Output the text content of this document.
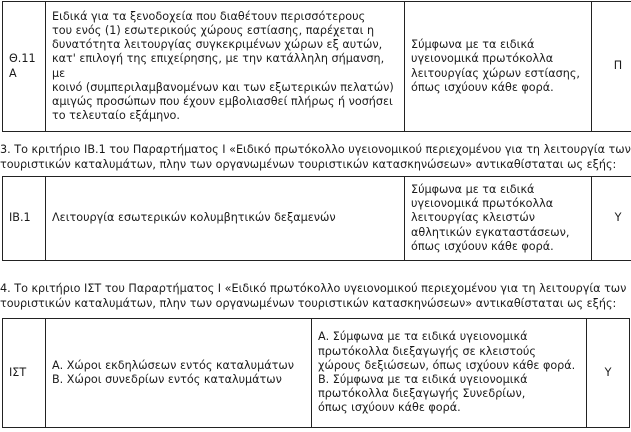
Θ.11
Α	Ειδικά για τα ξενοδοχεία που διαθέτουν περισσότερους
του ενός (1) εσωτερικούς χώρους εστίασης, παρέχεται η
δυνατότητα λειτουργίας συγκεκριμένων χώρων εξ αυτών,
κατ' επιλογή της επιχείρησης, με την κατάλληλη σήμανση, με
κοινό (συμπεριλαμβανομένων και των εξωτερικών πελατών)
αμιγώς προσώπων που έχουν εμβολιασθεί πλήρως ή νοσήσει
το τελευταίο εξάμηνο.	Σύμφωνα με τα ειδικά
υγειονομικά πρωτόκολλα
λειτουργίας χώρων εστίασης,
όπως ισχύουν κάθε φορά.	Π
3. Το κριτήριο ΙΒ.1 του Παραρτήματος Ι «Ειδικό πρωτόκολλο υγειονομικού περιεχομένου για τη λειτουργία των
τουριστικών καταλυμάτων, πλην των οργανωμένων τουριστικών κατασκηνώσεων» αντικαθίσταται ως εξής:
ΙΒ.1	Λειτουργία εσωτερικών κολυμβητικών δεξαμενών	Σύμφωνα με τα ειδικά
υγειονομικά πρωτόκολλα
λειτουργίας κλειστών
αθλητικών εγκαταστάσεων,
όπως ισχύουν κάθε φορά.	Υ
4. Το κριτήριο ΙΣΤ του Παραρτήματος Ι «Ειδικό πρωτόκολλο υγειονομικού περιεχομένου για τη λειτουργία των
τουριστικών καταλυμάτων, πλην των οργανωμένων τουριστικών κατασκηνώσεων» αντικαθίσταται ως εξής:
ΙΣΤ	Α. Χώροι εκδηλώσεων εντός καταλυμάτων
Β. Χώροι συνεδρίων εντός καταλυμάτων	Α. Σύμφωνα με τα ειδικά υγειονομικά
πρωτόκολλα διεξαγωγής σε κλειστούς
χώρους δεξιώσεων, όπως ισχύουν κάθε φορά.
Β. Σύμφωνα με τα ειδικά υγειονομικά
πρωτόκολλα διεξαγωγής Συνεδρίων,
όπως ισχύουν κάθε φορά.	Υ
